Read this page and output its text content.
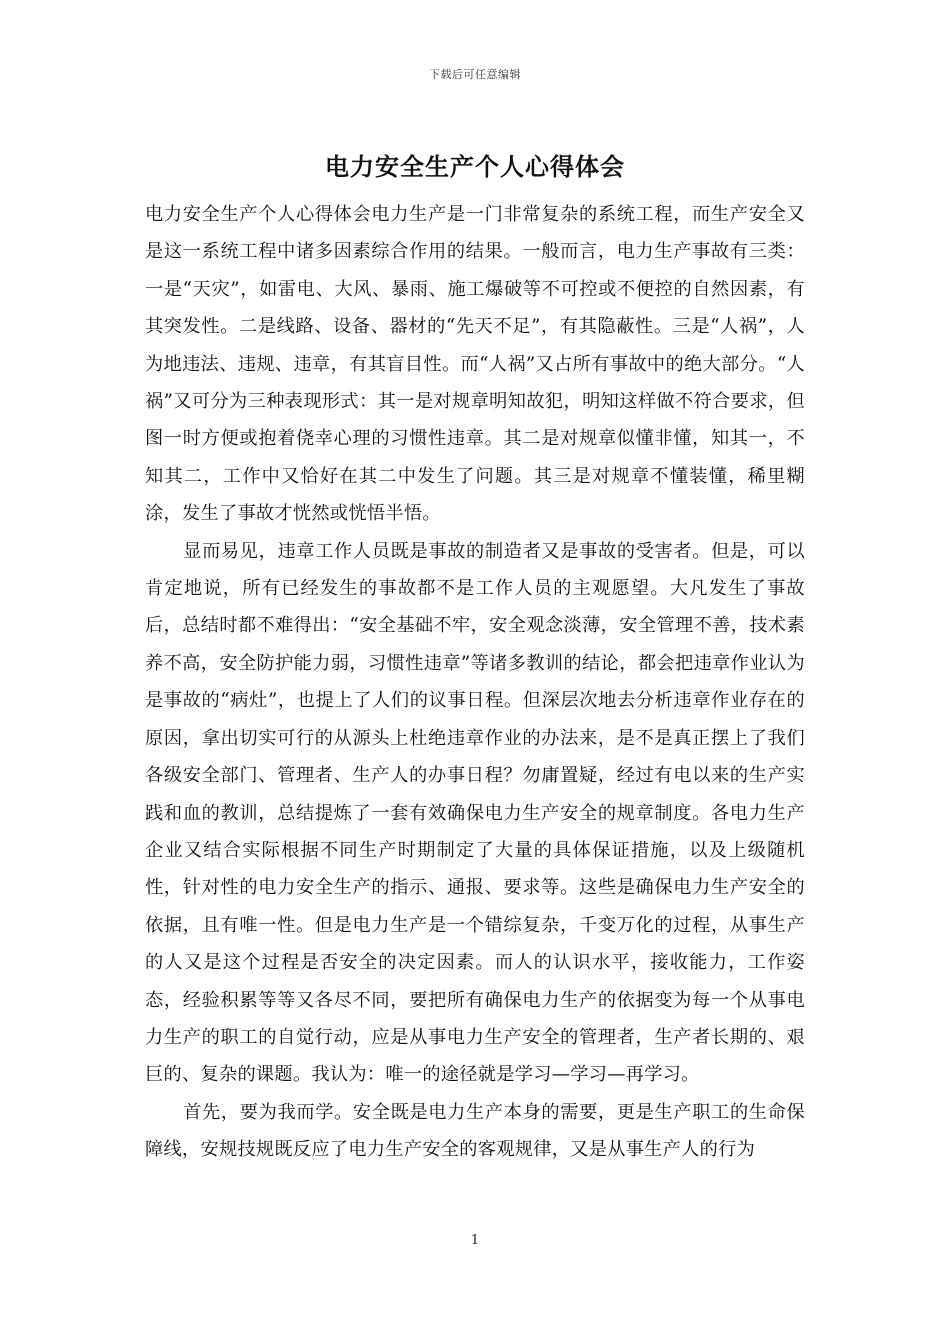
下载后可任意编辑
电力安全生产个人心得体会

电力安全生产个人心得体会电力生产是一门非常复杂的系统工程，而生产安全又是这一系统工程中诸多因素综合作用的结果。一般而言，电力生产事故有三类：一是“天灾”，如雷电、大风、暴雨、施工爆破等不可控或不便控的自然因素，有其突发性。二是线路、设备、器材的“先天不足”，有其隐蔽性。三是“人祸”，人为地违法、违规、违章，有其盲目性。而“人祸”又占所有事故中的绝大部分。“人祸”又可分为三种表现形式：其一是对规章明知故犯，明知这样做不符合要求，但图一时方便或抱着侥幸心理的习惯性违章。其二是对规章似懂非懂，知其一，不知其二，工作中又恰好在其二中发生了问题。其三是对规章不懂装懂，稀里糊涂，发生了事故才恍然或恍悟半悟。

显而易见，违章工作人员既是事故的制造者又是事故的受害者。但是，可以肯定地说，所有已经发生的事故都不是工作人员的主观愿望。大凡发生了事故后，总结时都不难得出：“安全基础不牢，安全观念淡薄，安全管理不善，技术素养不高，安全防护能力弱，习惯性违章”等诸多教训的结论，都会把违章作业认为是事故的“病灶”，也提上了人们的议事日程。但深层次地去分析违章作业存在的原因，拿出切实可行的从源头上杜绝违章作业的办法来，是不是真正摆上了我们各级安全部门、管理者、生产人的办事日程？勿庸置疑，经过有电以来的生产实践和血的教训，总结提炼了一套有效确保电力生产安全的规章制度。各电力生产企业又结合实际根据不同生产时期制定了大量的具体保证措施，以及上级随机性，针对性的电力安全生产的指示、通报、要求等。这些是确保电力生产安全的依据，且有唯一性。但是电力生产是一个错综复杂，千变万化的过程，从事生产的人又是这个过程是否安全的决定因素。而人的认识水平，接收能力，工作姿态，经验积累等等又各尽不同，要把所有确保电力生产的依据变为每一个从事电力生产的职工的自觉行动，应是从事电力生产安全的管理者，生产者长期的、艰巨的、复杂的课题。我认为：唯一的途径就是学习—学习—再学习。

首先，要为我而学。安全既是电力生产本身的需要，更是生产职工的生命保障线，安规技规既反应了电力生产安全的客观规律，又是从事生产人的行为

1
